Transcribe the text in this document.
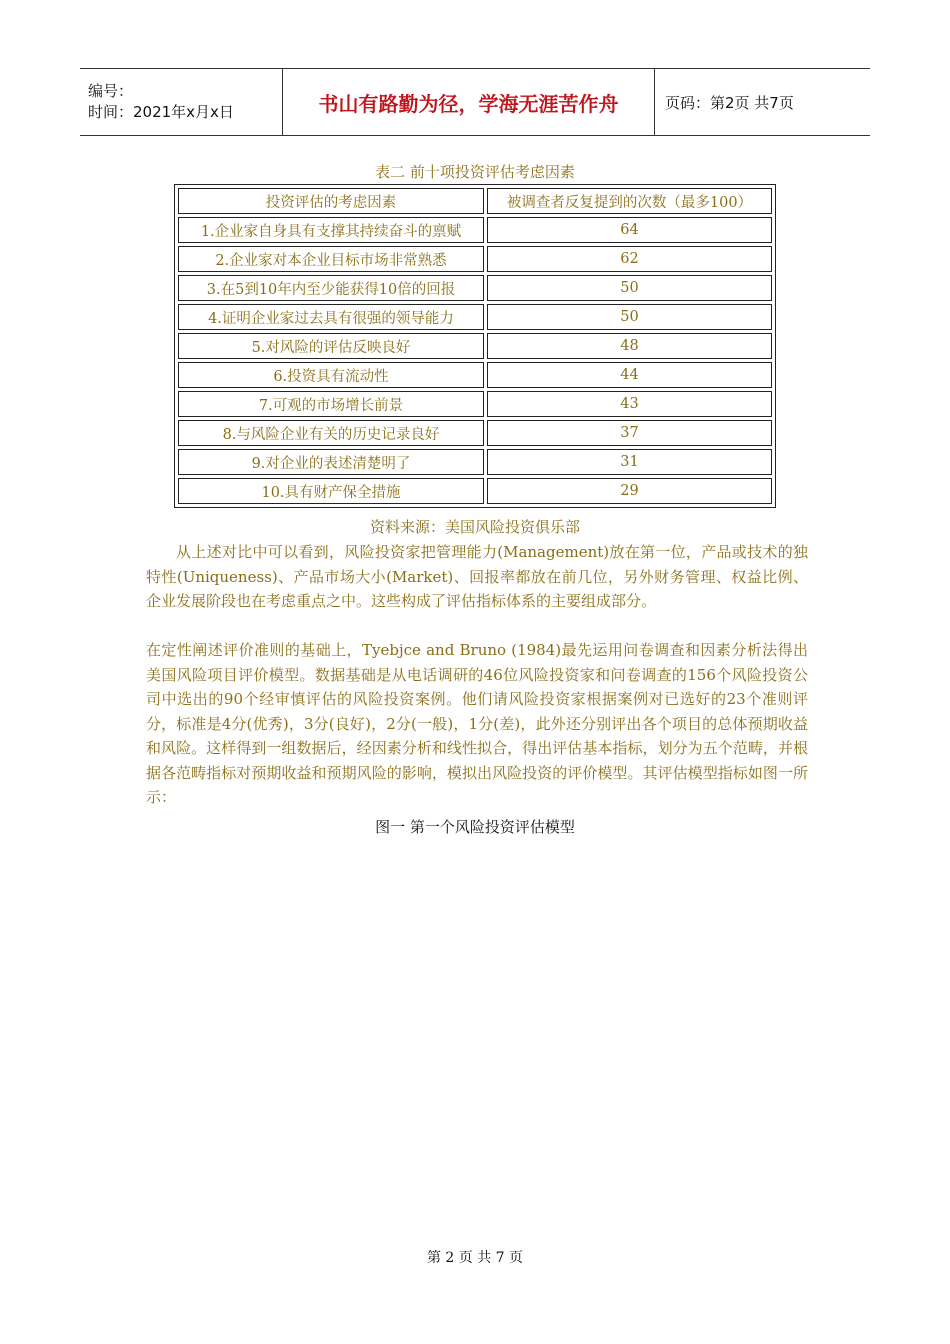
编号：
时间：2021年x月x日	书山有路勤为径，学海无涯苦作舟	页码：第2页 共7页
表二 前十项投资评估考虑因素
投资评估的考虑因素	被调查者反复提到的次数（最多100）
1.企业家自身具有支撑其持续奋斗的禀赋	64
2.企业家对本企业目标市场非常熟悉	62
3.在5到10年内至少能获得10倍的回报	50
4.证明企业家过去具有很强的领导能力	50
5.对风险的评估反映良好	48
6.投资具有流动性	44
7.可观的市场增长前景	43
8.与风险企业有关的历史记录良好	37
9.对企业的表述清楚明了	31
10.具有财产保全措施	29
资料来源：美国风险投资俱乐部

从上述对比中可以看到，风险投资家把管理能力(Management)放在第一位，产品或技术的独特性(Uniqueness)、产品市场大小(Market)、回报率都放在前几位，另外财务管理、权益比例、企业发展阶段也在考虑重点之中。这些构成了评估指标体系的主要组成部分。

在定性阐述评价准则的基础上，Tyebjce and Bruno (1984)最先运用问卷调查和因素分析法得出美国风险项目评价模型。数据基础是从电话调研的46位风险投资家和问卷调查的156个风险投资公司中选出的90个经审慎评估的风险投资案例。他们请风险投资家根据案例对已选好的23个准则评分，标准是4分(优秀)，3分(良好)，2分(一般)，1分(差)，此外还分别评出各个项目的总体预期收益和风险。这样得到一组数据后，经因素分析和线性拟合，得出评估基本指标，划分为五个范畴，并根据各范畴指标对预期收益和预期风险的影响，模拟出风险投资的评价模型。其评估模型指标如图一所示：

图一 第一个风险投资评估模型
第 2 页 共 7 页
